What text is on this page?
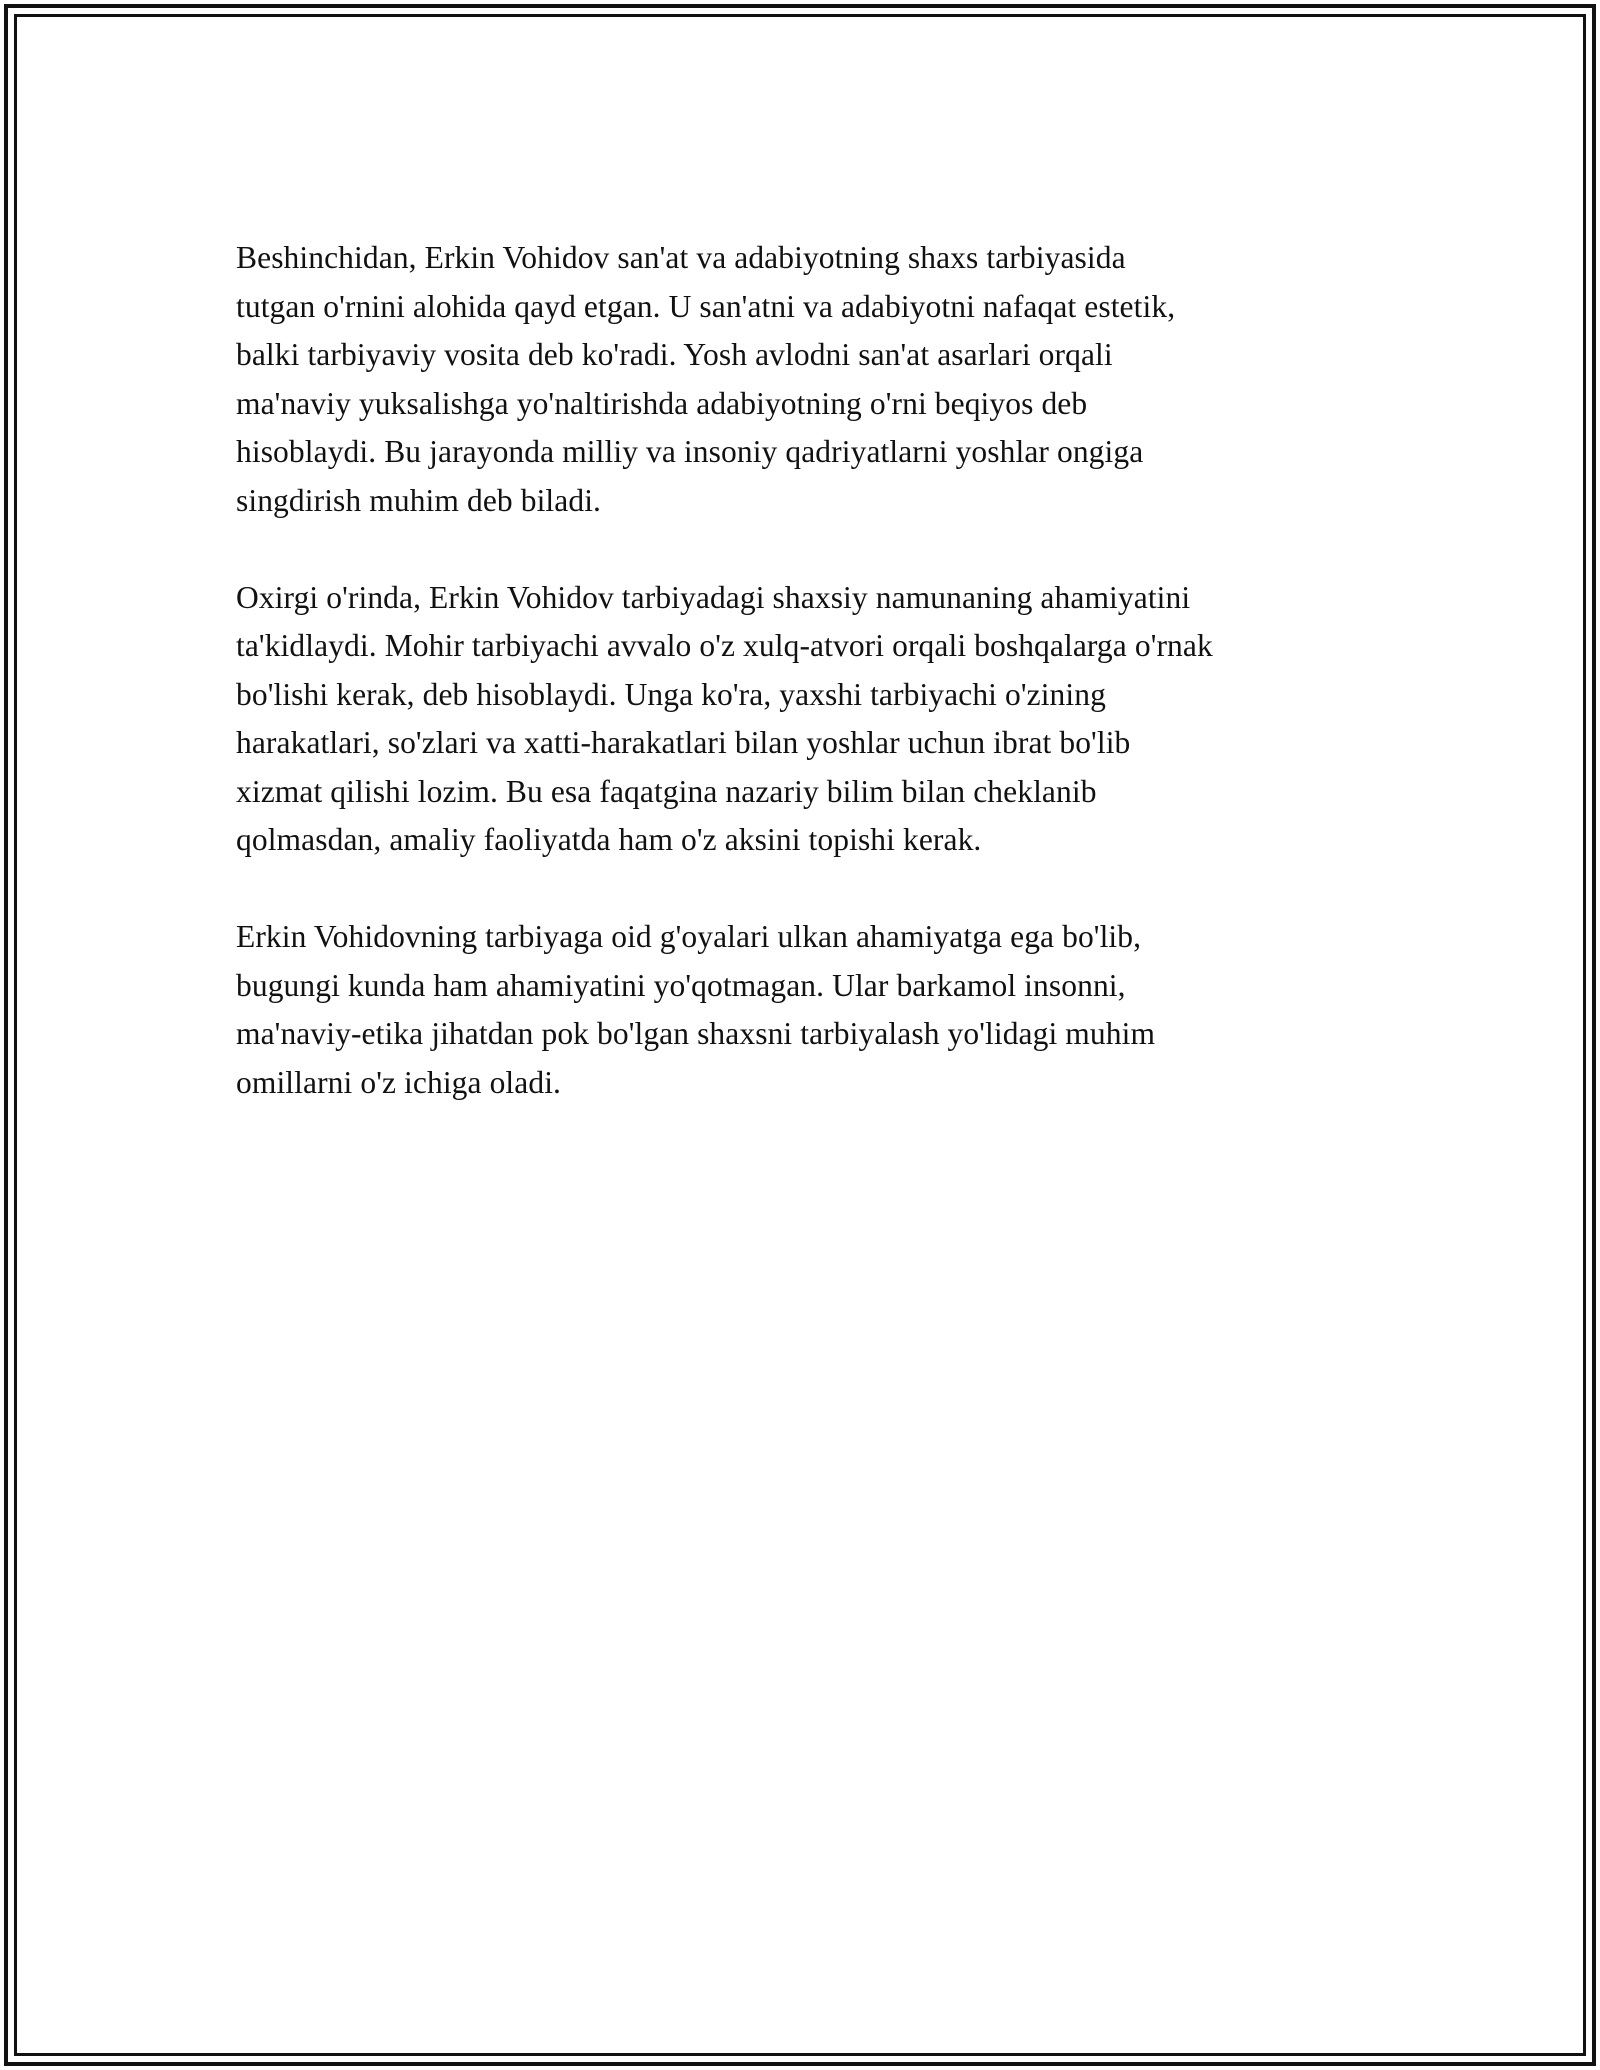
Beshinchidan, Erkin Vohidov san'at va adabiyotning shaxs tarbiyasida
tutgan o'rnini alohida qayd etgan. U san'atni va adabiyotni nafaqat estetik,
balki tarbiyaviy vosita deb ko'radi. Yosh avlodni san'at asarlari orqali
ma'naviy yuksalishga yo'naltirishda adabiyotning o'rni beqiyos deb
hisoblaydi. Bu jarayonda milliy va insoniy qadriyatlarni yoshlar ongiga
singdirish muhim deb biladi.

Oxirgi o'rinda, Erkin Vohidov tarbiyadagi shaxsiy namunaning ahamiyatini
ta'kidlaydi. Mohir tarbiyachi avvalo o'z xulq-atvori orqali boshqalarga o'rnak
bo'lishi kerak, deb hisoblaydi. Unga ko'ra, yaxshi tarbiyachi o'zining
harakatlari, so'zlari va xatti-harakatlari bilan yoshlar uchun ibrat bo'lib
xizmat qilishi lozim. Bu esa faqatgina nazariy bilim bilan cheklanib
qolmasdan, amaliy faoliyatda ham o'z aksini topishi kerak.

Erkin Vohidovning tarbiyaga oid g'oyalari ulkan ahamiyatga ega bo'lib,
bugungi kunda ham ahamiyatini yo'qotmagan. Ular barkamol insonni,
ma'naviy-etika jihatdan pok bo'lgan shaxsni tarbiyalash yo'lidagi muhim
omillarni o'z ichiga oladi.
